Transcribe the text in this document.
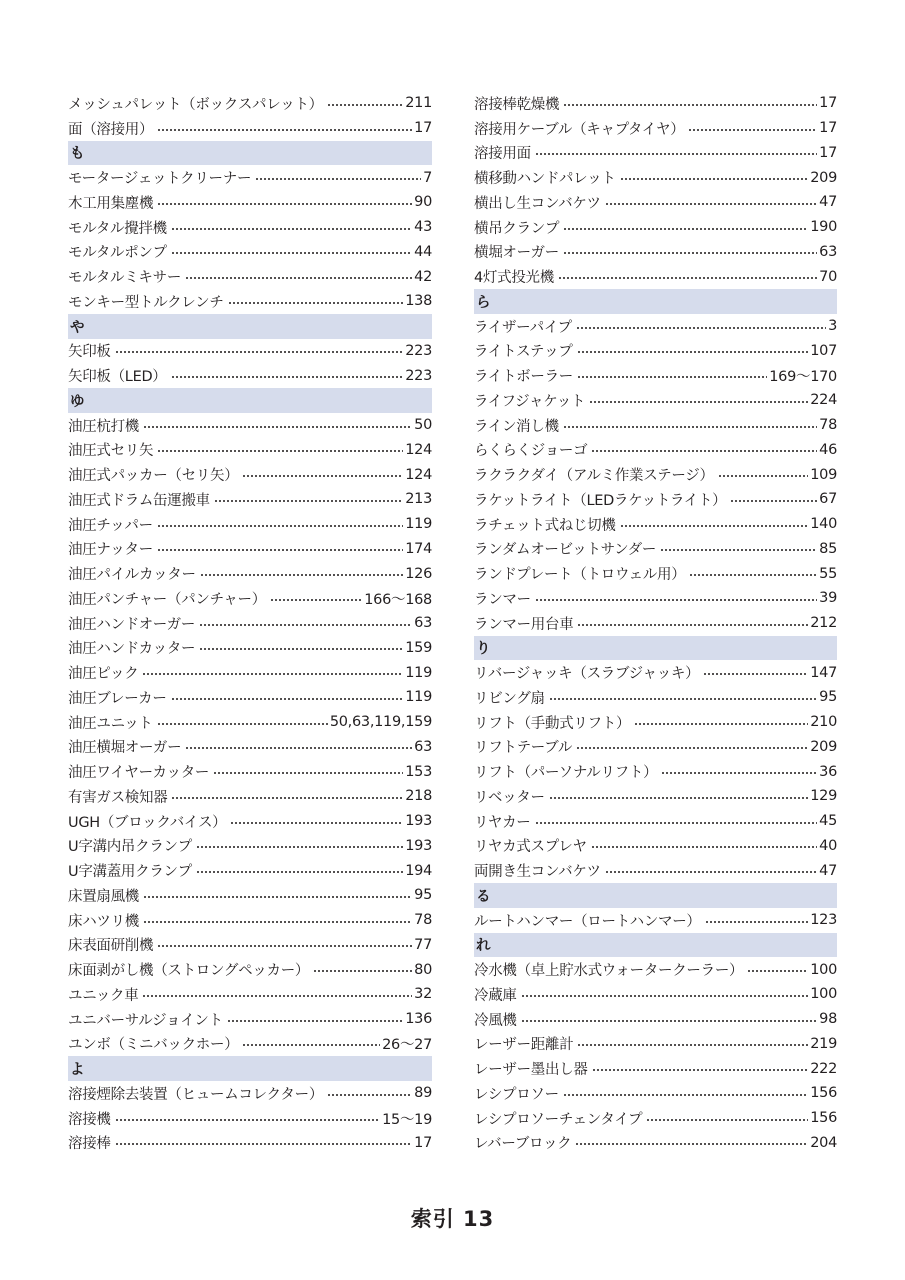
メッシュパレット（ボックスパレット）	211
面（溶接用）	17
も
モータージェットクリーナー	7
木工用集塵機	90
モルタル攪拌機	43
モルタルポンプ	44
モルタルミキサー	42
モンキー型トルクレンチ	138
や
矢印板	223
矢印板（LED）	223
ゆ
油圧杭打機	50
油圧式セリ矢	124
油圧式パッカー（セリ矢）	124
油圧式ドラム缶運搬車	213
油圧チッパー	119
油圧ナッター	174
油圧パイルカッター	126
油圧パンチャー（パンチャー）	166〜168
油圧ハンドオーガー	63
油圧ハンドカッター	159
油圧ピック	119
油圧ブレーカー	119
油圧ユニット	50,63,119,159
油圧横堀オーガー	63
油圧ワイヤーカッター	153
有害ガス検知器	218
UGH（ブロックバイス）	193
U字溝内吊クランプ	193
U字溝蓋用クランプ	194
床置扇風機	95
床ハツリ機	78
床表面研削機	77
床面剥がし機（ストロングペッカー）	80
ユニック車	32
ユニバーサルジョイント	136
ユンボ（ミニバックホー）	26〜27
よ
溶接煙除去装置（ヒュームコレクター）	89
溶接機	15〜19
溶接棒	17
溶接棒乾燥機	17
溶接用ケーブル（キャプタイヤ）	17
溶接用面	17
横移動ハンドパレット	209
横出し生コンバケツ	47
横吊クランプ	190
横堀オーガー	63
4灯式投光機	70
ら
ライザーパイプ	3
ライトステップ	107
ライトボーラー	169〜170
ライフジャケット	224
ライン消し機	78
らくらくジョーゴ	46
ラクラクダイ（アルミ作業ステージ）	109
ラケットライト（LEDラケットライト）	67
ラチェット式ねじ切機	140
ランダムオービットサンダー	85
ランドプレート（トロウェル用）	55
ランマー	39
ランマー用台車	212
り
リバージャッキ（スラブジャッキ）	147
リビング扇	95
リフト（手動式リフト）	210
リフトテーブル	209
リフト（パーソナルリフト）	36
リベッター	129
リヤカー	45
リヤカ式スプレヤ	40
両開き生コンバケツ	47
る
ルートハンマー（ロートハンマー）	123
れ
冷水機（卓上貯水式ウォータークーラー）	100
冷蔵庫	100
冷風機	98
レーザー距離計	219
レーザー墨出し器	222
レシプロソー	156
レシプロソーチェンタイプ	156
レバーブロック	204
索引 13
